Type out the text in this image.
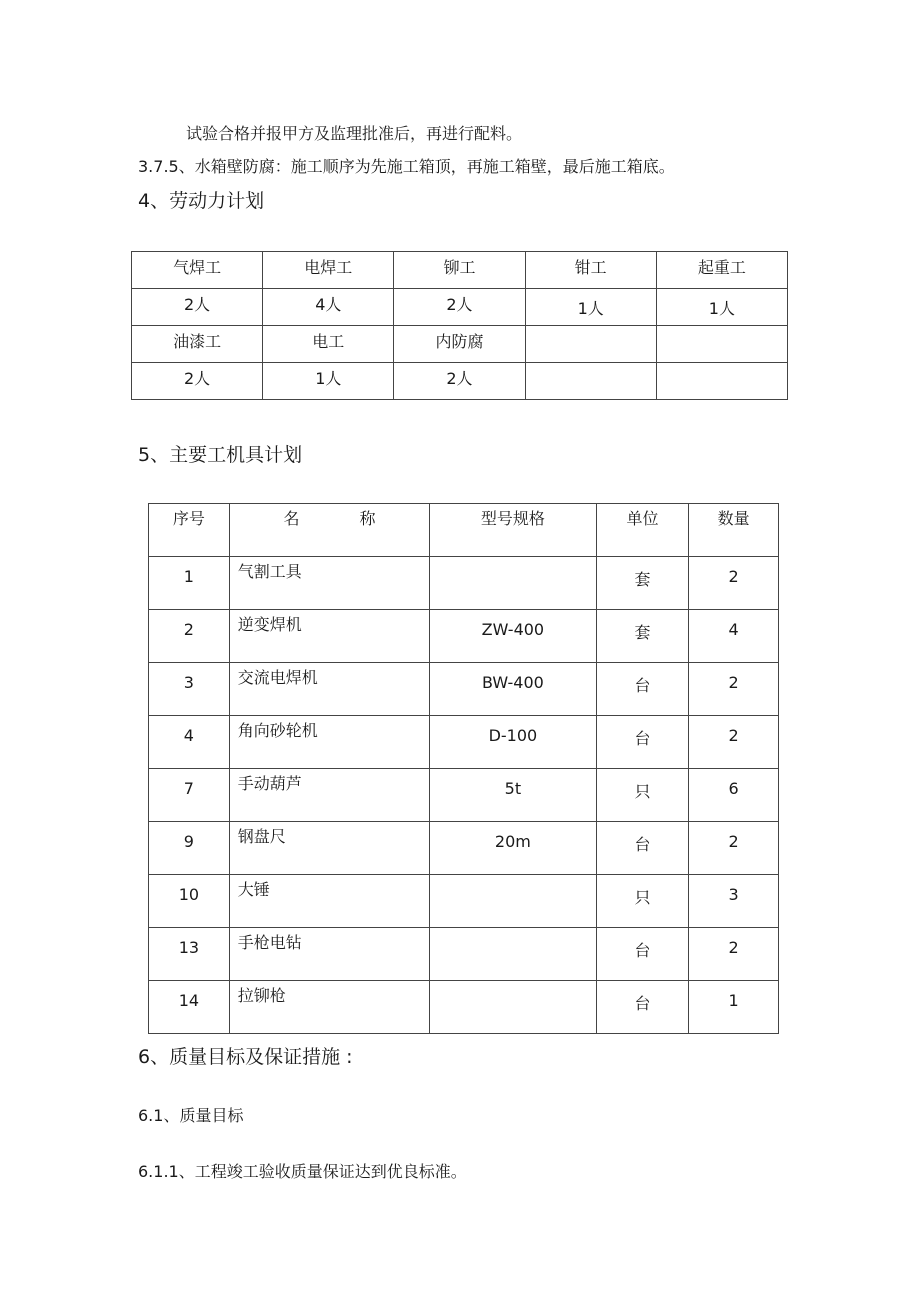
试验合格并报甲方及监理批准后，再进行配料。
3.7.5、水箱壁防腐：施工顺序为先施工箱顶，再施工箱壁，最后施工箱底。
4、劳动力计划
气焊工	电焊工	铆工	钳工	起重工

2人	4人	2人	1人	1人

油漆工	电工	内防腐		

2人	1人	2人		

5、主要工机具计划
序号	名 称	型号规格	单位	数量

1	气割工具		套	2

2	逆变焊机	ZW-400	套	4

3	交流电焊机	BW-400	台	2

4	角向砂轮机	D-100	台	2

7	手动葫芦	5t	只	6

9	钢盘尺	20m	台	2

10	大锤		只	3

13	手枪电钻		台	2

14	拉铆枪		台	1
6、质量目标及保证措施 :
6.1、质量目标
6.1.1、工程竣工验收质量保证达到优良标准。
